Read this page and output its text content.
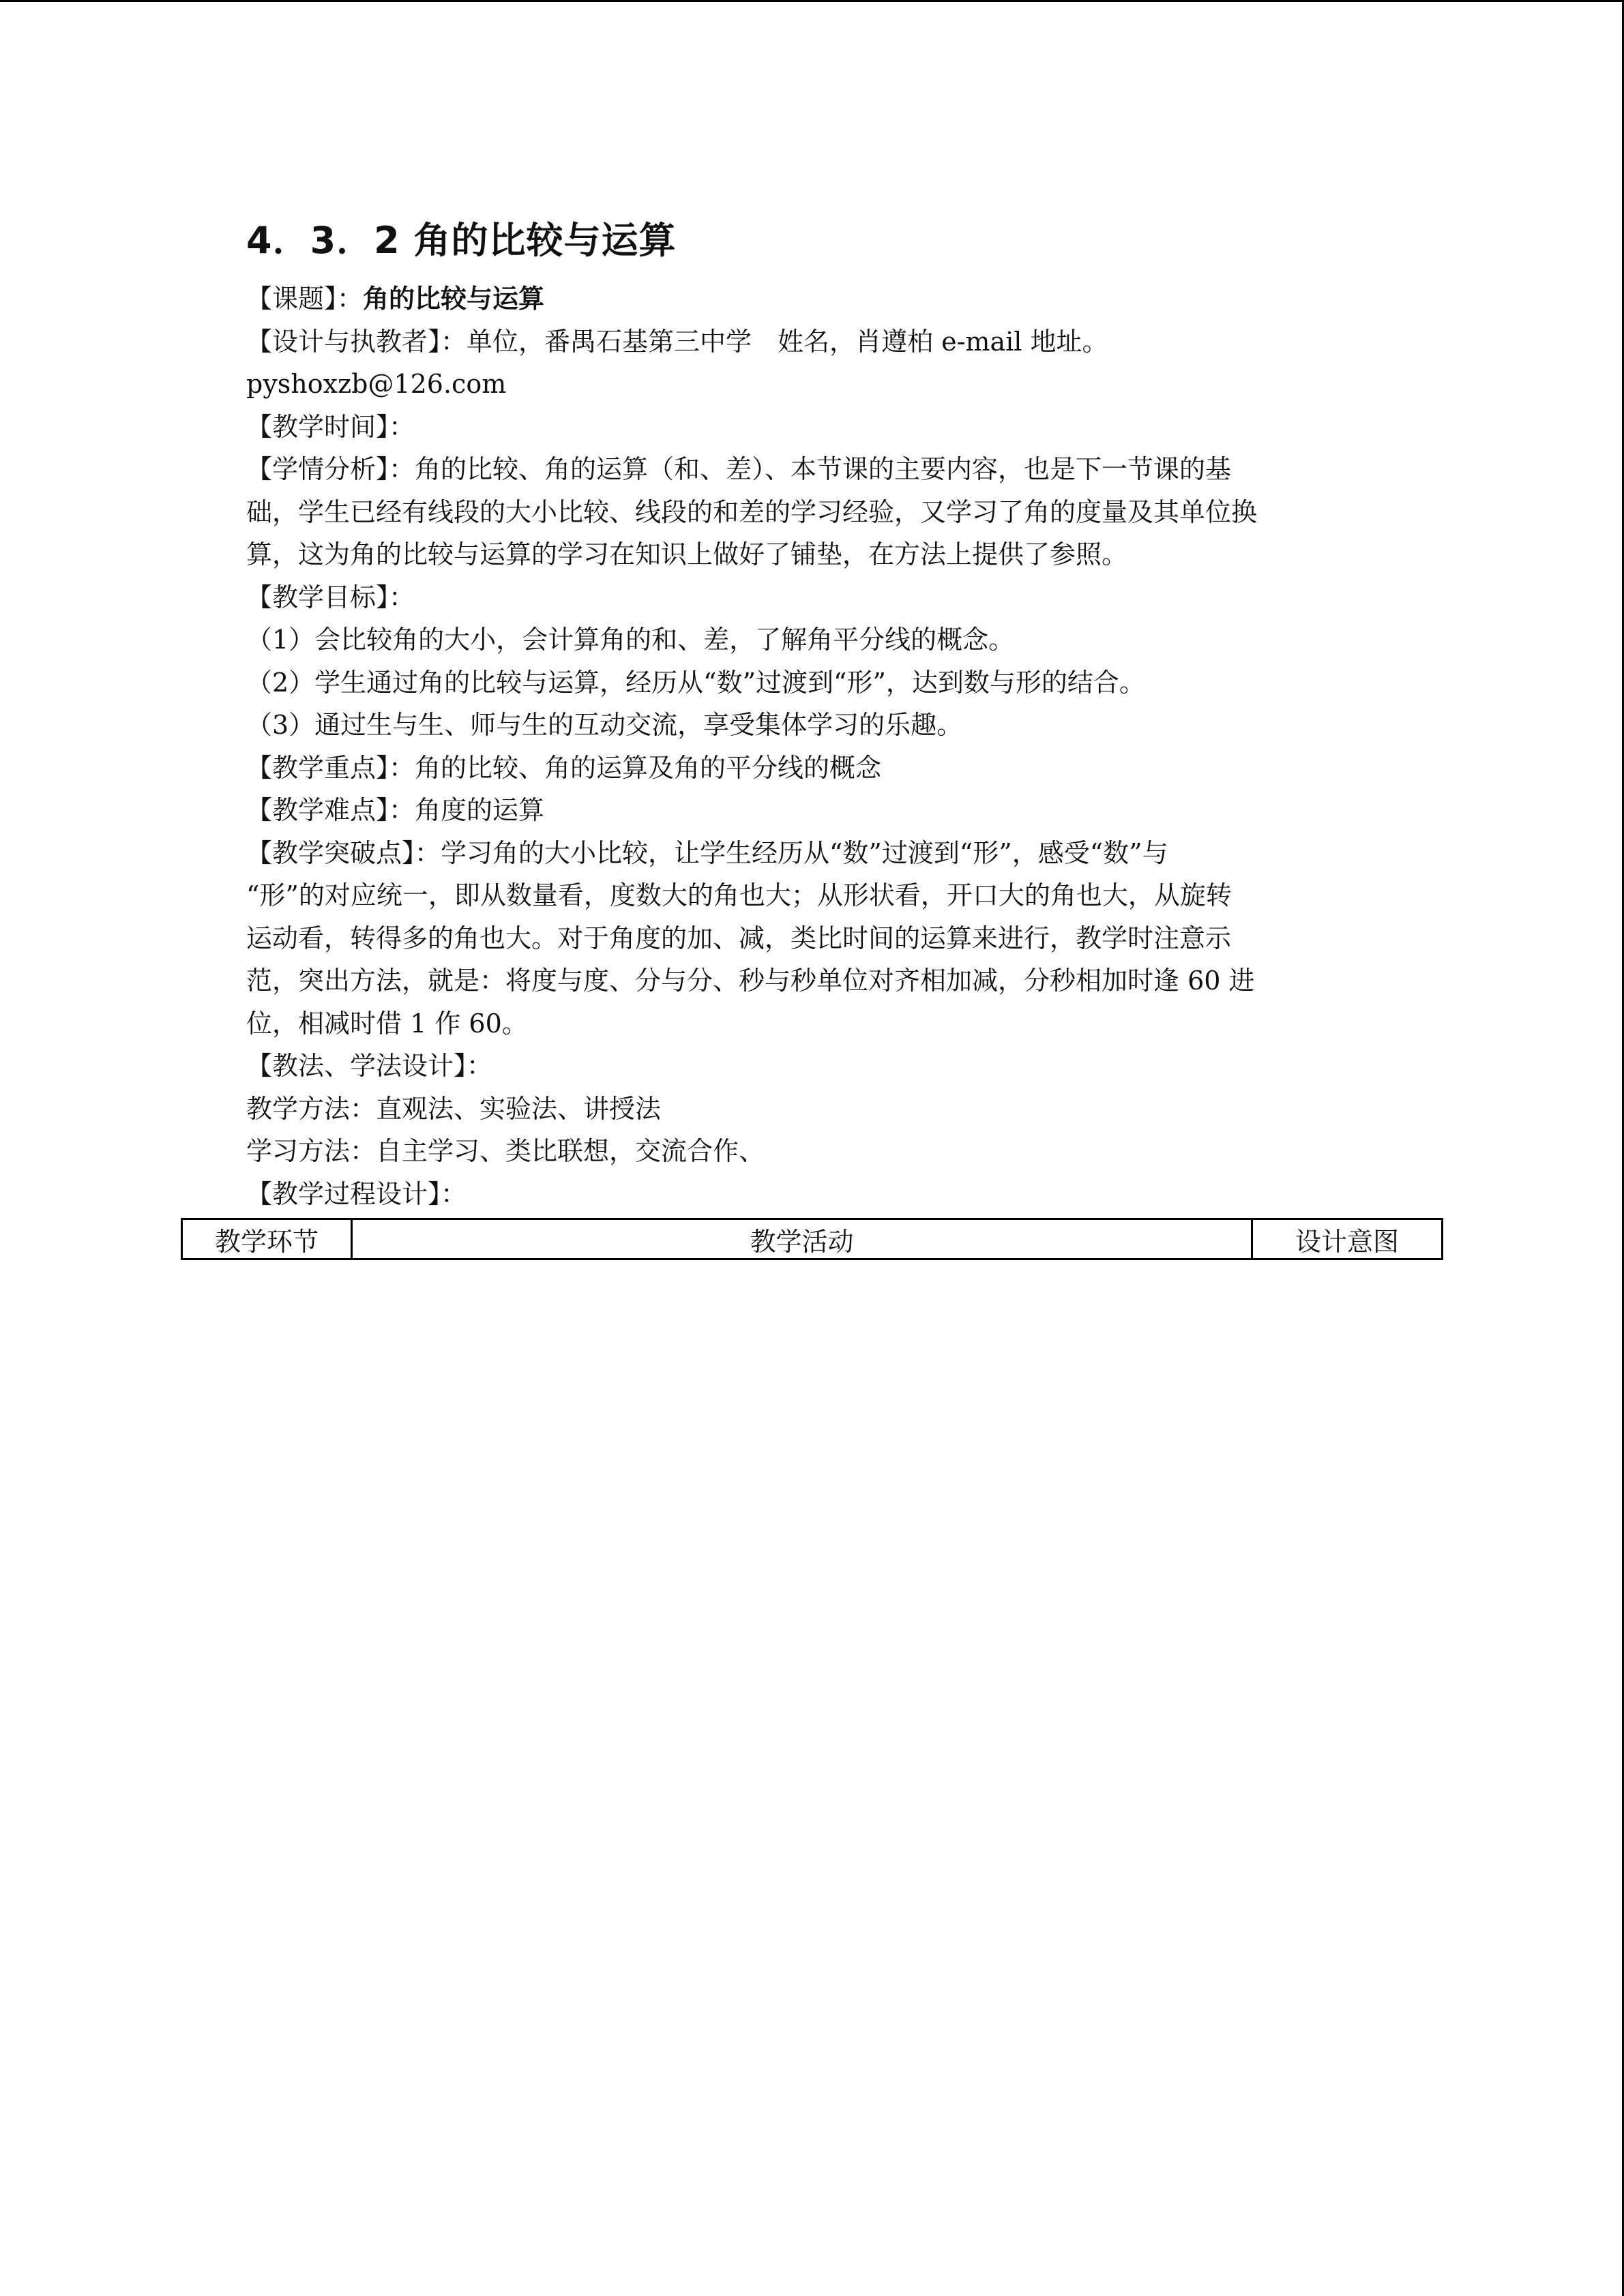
4．3．2 角的比较与运算
【课题】：角的比较与运算
【设计与执教者】：单位，番禺石基第三中学　姓名，肖遵柏 e-mail 地址。
pyshoxzb@126.com
【教学时间】：
【学情分析】：角的比较、角的运算（和、差）、本节课的主要内容，也是下一节课的基
础，学生已经有线段的大小比较、线段的和差的学习经验，又学习了角的度量及其单位换
算，这为角的比较与运算的学习在知识上做好了铺垫，在方法上提供了参照。
【教学目标】：
（1）会比较角的大小，会计算角的和、差，了解角平分线的概念。
（2）学生通过角的比较与运算，经历从“数”过渡到“形”，达到数与形的结合。
（3）通过生与生、师与生的互动交流，享受集体学习的乐趣。
【教学重点】：角的比较、角的运算及角的平分线的概念
【教学难点】：角度的运算
【教学突破点】：学习角的大小比较，让学生经历从“数”过渡到“形”，感受“数”与
“形”的对应统一，即从数量看，度数大的角也大；从形状看，开口大的角也大，从旋转
运动看，转得多的角也大。对于角度的加、减，类比时间的运算来进行，教学时注意示
范，突出方法，就是：将度与度、分与分、秒与秒单位对齐相加减，分秒相加时逢 60 进
位，相减时借 1 作 60。
【教法、学法设计】：
教学方法：直观法、实验法、讲授法
学习方法：自主学习、类比联想，交流合作、
【教学过程设计】：
教学环节	教学活动	设计意图
